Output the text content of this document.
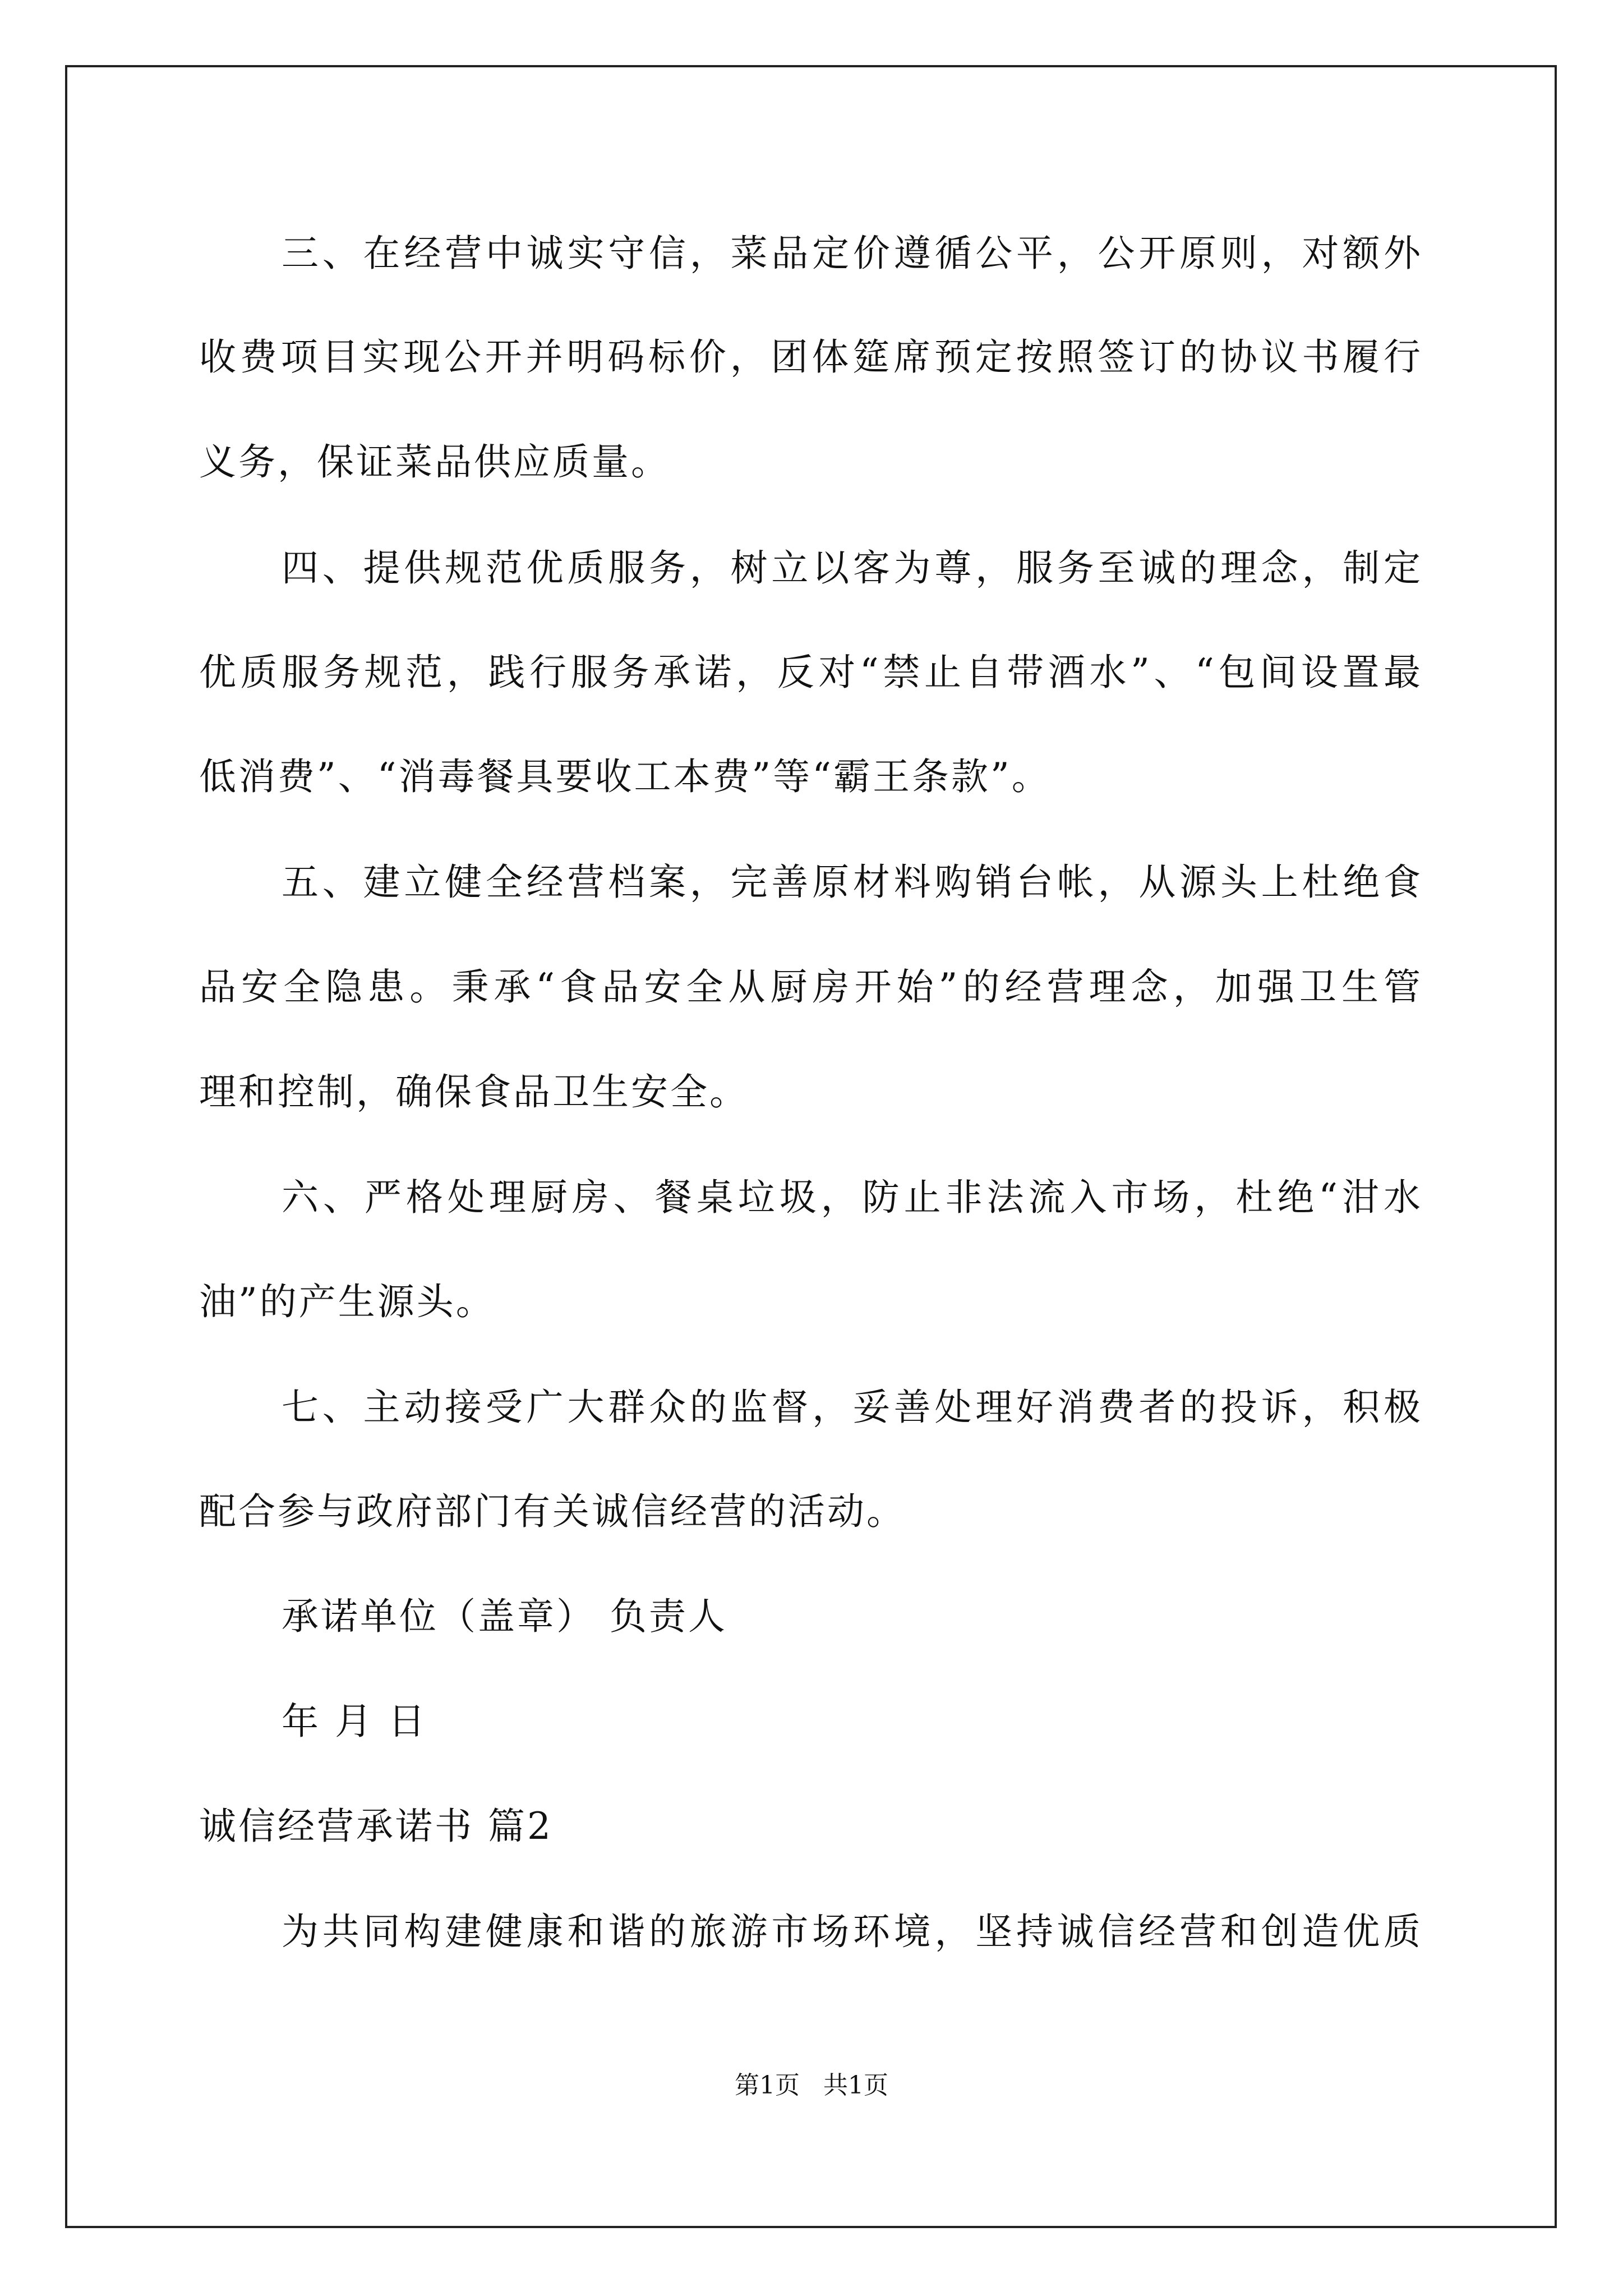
三、在经营中诚实守信，菜品定价遵循公平，公开原则，对额外
收费项目实现公开并明码标价，团体筵席预定按照签订的协议书履行
义务，保证菜品供应质量。
四、提供规范优质服务，树立以客为尊，服务至诚的理念，制定
优质服务规范，践行服务承诺，反对“禁止自带酒水”、“包间设置最
低消费”、“消毒餐具要收工本费”等“霸王条款”。
五、建立健全经营档案，完善原材料购销台帐，从源头上杜绝食
品安全隐患。秉承“食品安全从厨房开始”的经营理念，加强卫生管
理和控制，确保食品卫生安全。
六、严格处理厨房、餐桌垃圾，防止非法流入市场，杜绝“泔水
油”的产生源头。
七、主动接受广大群众的监督，妥善处理好消费者的投诉，积极
配合参与政府部门有关诚信经营的活动。
承诺单位（盖章） 负责人
年 月 日
诚信经营承诺书 篇2
为共同构建健康和谐的旅游市场环境，坚持诚信经营和创造优质
第1页 共1页
